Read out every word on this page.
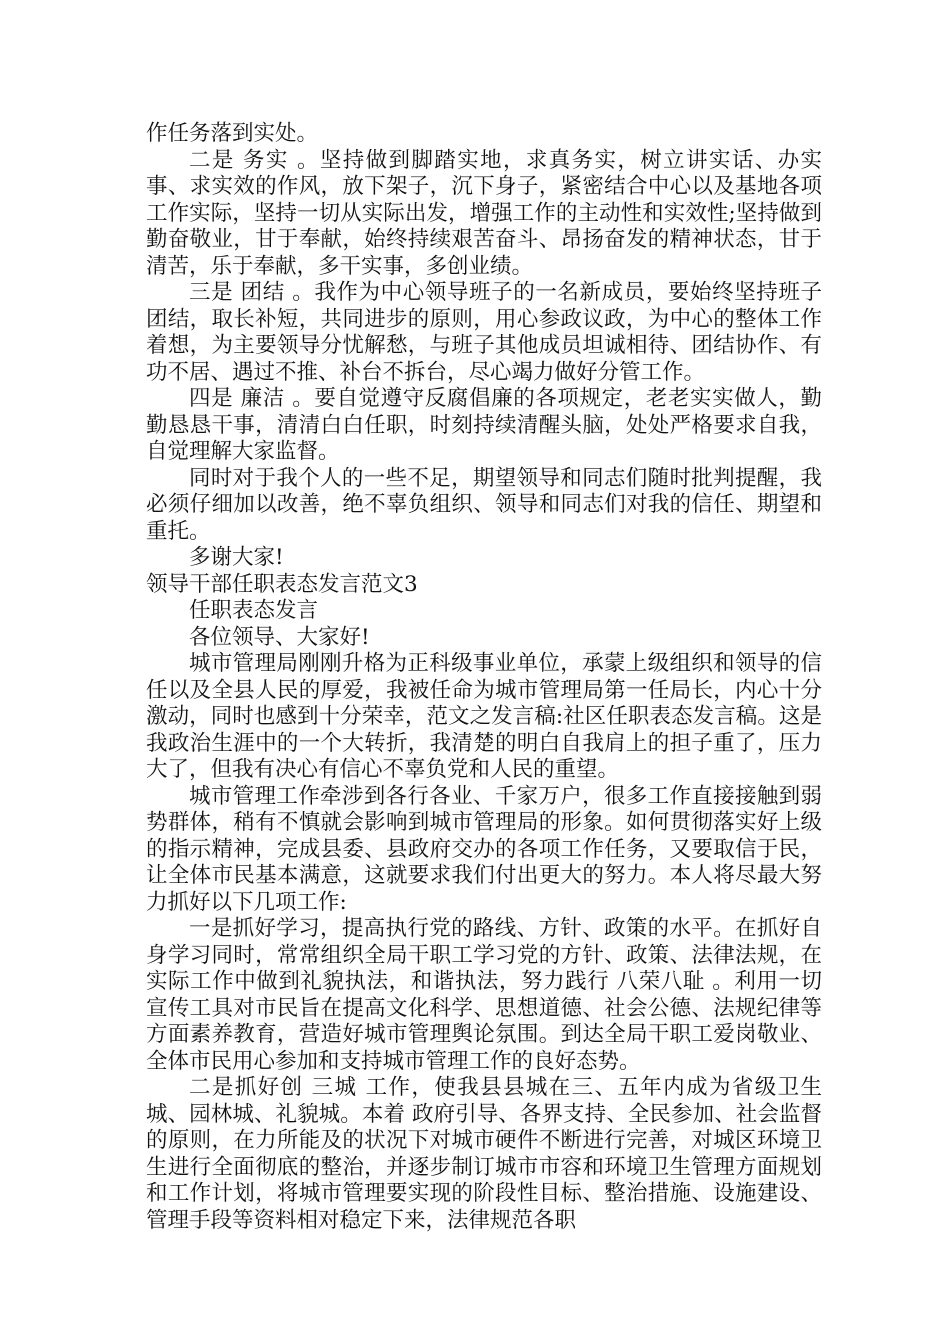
作任务落到实处。

二是 务实 。坚持做到脚踏实地，求真务实，树立讲实话、办实事、求实效的作风，放下架子，沉下身子，紧密结合中心以及基地各项工作实际，坚持一切从实际出发，增强工作的主动性和实效性;坚持做到勤奋敬业，甘于奉献，始终持续艰苦奋斗、昂扬奋发的精神状态，甘于清苦，乐于奉献，多干实事，多创业绩。

三是 团结 。我作为中心领导班子的一名新成员，要始终坚持班子团结，取长补短，共同进步的原则，用心参政议政，为中心的整体工作着想，为主要领导分忧解愁，与班子其他成员坦诚相待、团结协作、有功不居、遇过不推、补台不拆台，尽心竭力做好分管工作。

四是 廉洁 。要自觉遵守反腐倡廉的各项规定，老老实实做人，勤勤恳恳干事，清清白白任职，时刻持续清醒头脑，处处严格要求自我，自觉理解大家监督。

同时对于我个人的一些不足，期望领导和同志们随时批判提醒，我必须仔细加以改善，绝不辜负组织、领导和同志们对我的信任、期望和重托。

多谢大家!

领导干部任职表态发言范文3

任职表态发言

各位领导、大家好!

城市管理局刚刚升格为正科级事业单位，承蒙上级组织和领导的信任以及全县人民的厚爱，我被任命为城市管理局第一任局长，内心十分激动，同时也感到十分荣幸，范文之发言稿:社区任职表态发言稿。这是我政治生涯中的一个大转折，我清楚的明白自我肩上的担子重了，压力大了，但我有决心有信心不辜负党和人民的重望。

城市管理工作牵涉到各行各业、千家万户，很多工作直接接触到弱势群体，稍有不慎就会影响到城市管理局的形象。如何贯彻落实好上级的指示精神，完成县委、县政府交办的各项工作任务，又要取信于民，让全体市民基本满意，这就要求我们付出更大的努力。本人将尽最大努力抓好以下几项工作:

一是抓好学习，提高执行党的路线、方针、政策的水平。在抓好自身学习同时，常常组织全局干职工学习党的方针、政策、法律法规，在实际工作中做到礼貌执法，和谐执法，努力践行 八荣八耻 。利用一切宣传工具对市民旨在提高文化科学、思想道德、社会公德、法规纪律等方面素养教育，营造好城市管理舆论氛围。到达全局干职工爱岗敬业、全体市民用心参加和支持城市管理工作的良好态势。

二是抓好创 三城 工作，使我县县城在三、五年内成为省级卫生城、园林城、礼貌城。本着 政府引导、各界支持、全民参加、社会监督 的原则，在力所能及的状况下对城市硬件不断进行完善，对城区环境卫生进行全面彻底的整治，并逐步制订城市市容和环境卫生管理方面规划和工作计划，将城市管理要实现的阶段性目标、整治措施、设施建设、管理手段等资料相对稳定下来，法律规范各职
